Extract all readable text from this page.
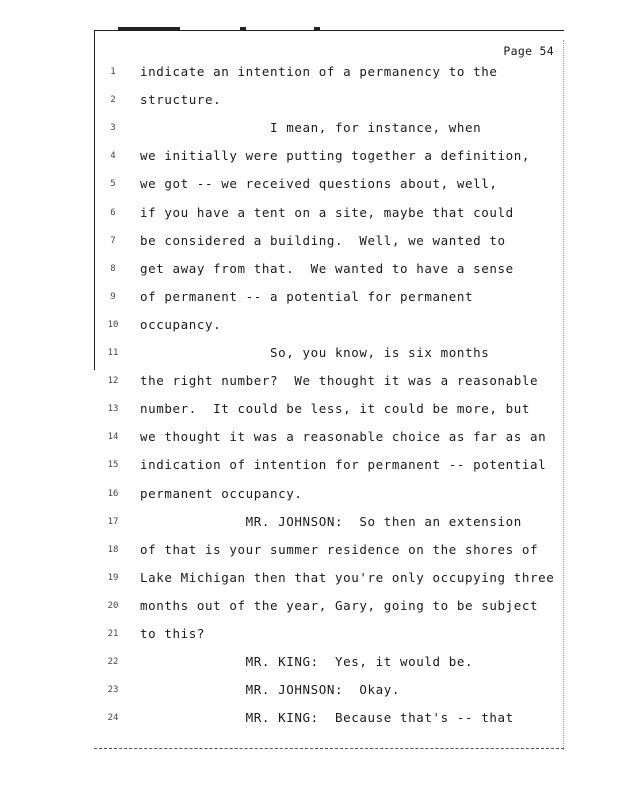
Page 54
1	indicate an intention of a permanency to the
2	structure.
3	I mean, for instance, when
4	we initially were putting together a definition,
5	we got -- we received questions about, well,
6	if you have a tent on a site, maybe that could
7	be considered a building.  Well, we wanted to
8	get away from that.  We wanted to have a sense
9	of permanent -- a potential for permanent
10 occupancy.
11 So, you know, is six months
12 the right number?  We thought it was a reasonable
13 number.  It could be less, it could be more, but
14 we thought it was a reasonable choice as far as an
15 indication of intention for permanent -- potential
16 permanent occupancy.
17 MR. JOHNSON:  So then an extension
18 of that is your summer residence on the shores of
19 Lake Michigan then that you're only occupying three
20 months out of the year, Gary, going to be subject
21 to this?
22 MR. KING:  Yes, it would be.
23 MR. JOHNSON:  Okay.
24 MR. KING:  Because that's -- that
